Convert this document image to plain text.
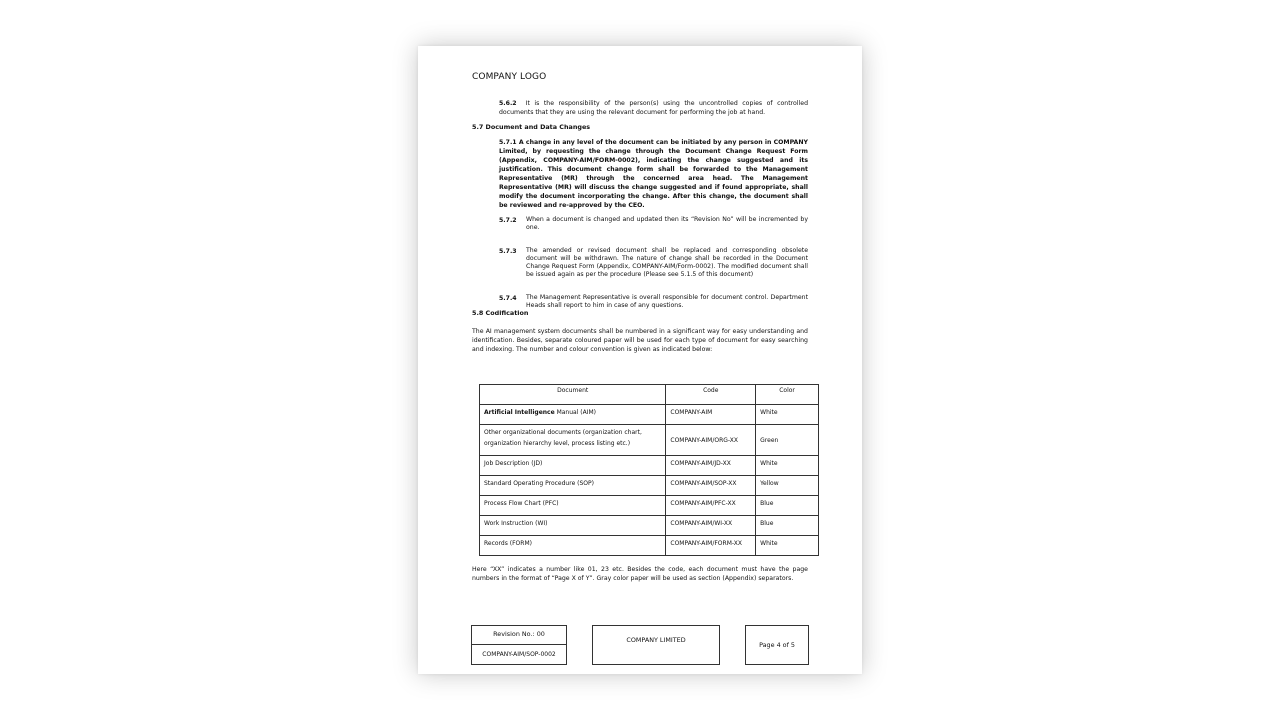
COMPANY LOGO
5.6.2 It is the responsibility of the person(s) using the uncontrolled copies of controlled documents that they are using the relevant document for performing the job at hand.
5.7 Document and Data Changes
5.7.1 A change in any level of the document can be initiated by any person in COMPANY Limited, by requesting the change through the Document Change Request Form (Appendix, COMPANY-AIM/FORM-0002), indicating the change suggested and its justification. This document change form shall be forwarded to the Management Representative (MR) through the concerned area head. The Management Representative (MR) will discuss the change suggested and if found appropriate, shall modify the document incorporating the change. After this change, the document shall be reviewed and re-approved by the CEO.
5.7.2 When a document is changed and updated then its “Revision No” will be incremented by one.
5.7.3 The amended or revised document shall be replaced and corresponding obsolete document will be withdrawn. The nature of change shall be recorded in the Document Change Request Form (Appendix, COMPANY-AIM/Form-0002). The modified document shall be issued again as per the procedure (Please see 5.1.5 of this document)
5.7.4 The Management Representative is overall responsible for document control. Department Heads shall report to him in case of any questions.
5.8 Codification
The AI management system documents shall be numbered in a significant way for easy understanding and identification. Besides, separate coloured paper will be used for each type of document for easy searching and indexing. The number and colour convention is given as indicated below:
Document	Code	Color
Artificial Intelligence Manual (AIM)	COMPANY-AIM	White
Other organizational documents (organization chart, organization hierarchy level, process listing etc.)	COMPANY-AIM/ORG-XX	Green
Job Description (JD)	COMPANY-AIM/JD-XX	White
Standard Operating Procedure (SOP)	COMPANY-AIM/SOP-XX	Yellow
Process Flow Chart (PFC)	COMPANY-AIM/PFC-XX	Blue
Work Instruction (WI)	COMPANY-AIM/WI-XX	Blue
Records (FORM)	COMPANY-AIM/FORM-XX	White
Here “XX” indicates a number like 01, 23 etc. Besides the code, each document must have the page numbers in the format of “Page X of Y”. Gray color paper will be used as section (Appendix) separators.
Revision No.: 00
COMPANY-AIM/SOP-0002
COMPANY LIMITED
Page 4 of 5
